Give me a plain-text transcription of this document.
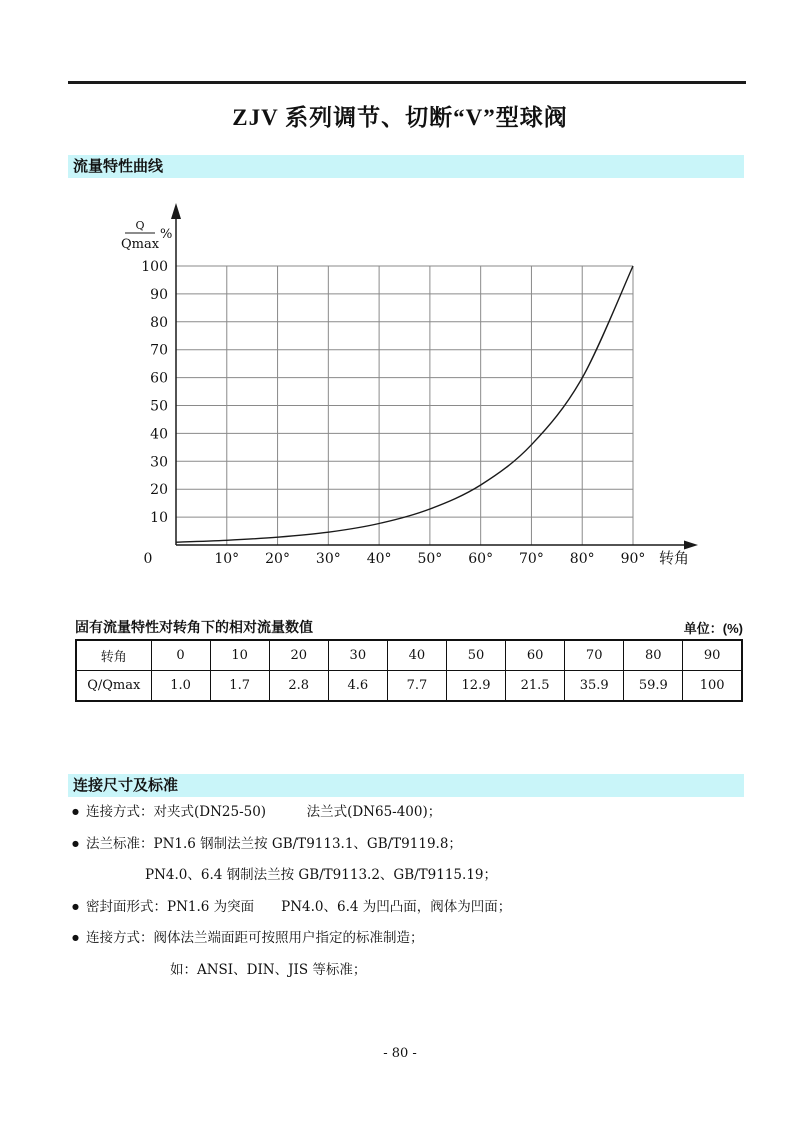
ZJV 系列调节、切断“V”型球阀
流量特性曲线
10
20
30
40
50
60
70
80
90
100
0	10° 20° 30° 40° 50° 60° 70° 80° 90° 转角
Q
Qmax
%
固有流量特性对转角下的相对流量数值	单位：(%)
转角	0	10	20	30	40	50	60	70	80	90
Q/Qmax	1.0	1.7	2.8	4.6	7.7	12.9	21.5	35.9	59.9	100
连接尺寸及标准
● 连接方式：对夹式(DN25-50)　　　法兰式(DN65-400)；
● 法兰标准：PN1.6 钢制法兰按 GB/T9113.1、GB/T9119.8；
PN4.0、6.4 钢制法兰按 GB/T9113.2、GB/T9115.19；
● 密封面形式：PN1.6 为突面　　PN4.0、6.4 为凹凸面，阀体为凹面；
● 连接方式：阀体法兰端面距可按照用户指定的标准制造；
如：ANSI、DIN、JIS 等标准；
- 80 -
